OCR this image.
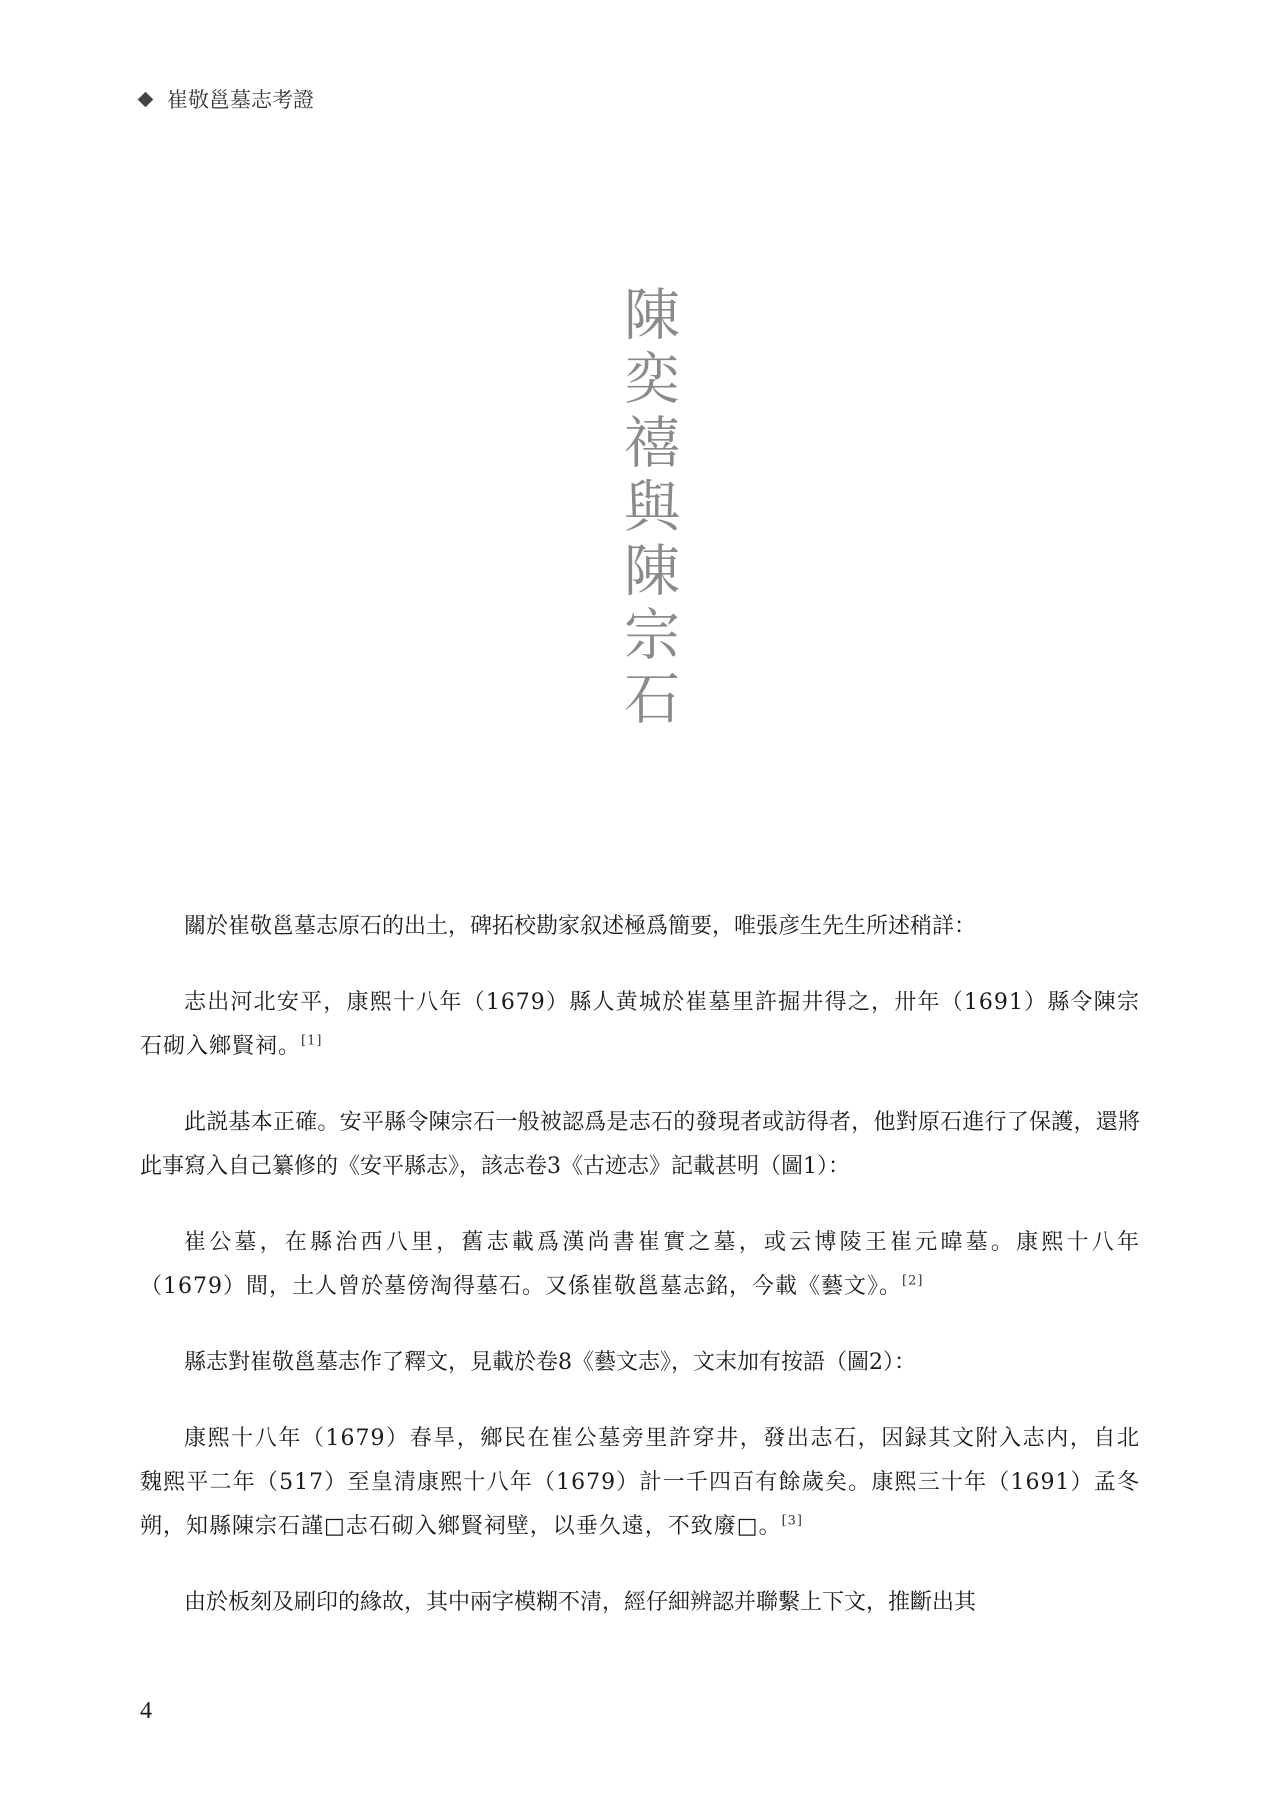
崔敬邕墓志考證
陳奕禧與陳宗石

關於崔敬邕墓志原石的出土，碑拓校勘家叙述極爲簡要，唯張彦生先生所述稍詳：

志出河北安平，康熙十八年（1679）縣人黄城於崔墓里許掘井得之，卅年（1691）縣令陳宗石砌入鄉賢祠。[1]

此説基本正確。安平縣令陳宗石一般被認爲是志石的發現者或訪得者，他對原石進行了保護，還將此事寫入自己纂修的《安平縣志》，該志卷3《古迹志》記載甚明（圖1）：

崔公墓，在縣治西八里，舊志載爲漢尚書崔實之墓，或云博陵王崔元暐墓。康熙十八年（1679）間，土人曾於墓傍淘得墓石。又係崔敬邕墓志銘，今載《藝文》。[2]

縣志對崔敬邕墓志作了釋文，見載於卷8《藝文志》，文末加有按語（圖2）：

康熙十八年（1679）春旱，鄉民在崔公墓旁里許穿井，發出志石，因録其文附入志内，自北魏熙平二年（517）至皇清康熙十八年（1679）計一千四百有餘歲矣。康熙三十年（1691）孟冬朔，知縣陳宗石謹□志石砌入鄉賢祠壁，以垂久遠，不致廢□。[3]

由於板刻及刷印的緣故，其中兩字模糊不清，經仔細辨認并聯繫上下文，推斷出其

4
